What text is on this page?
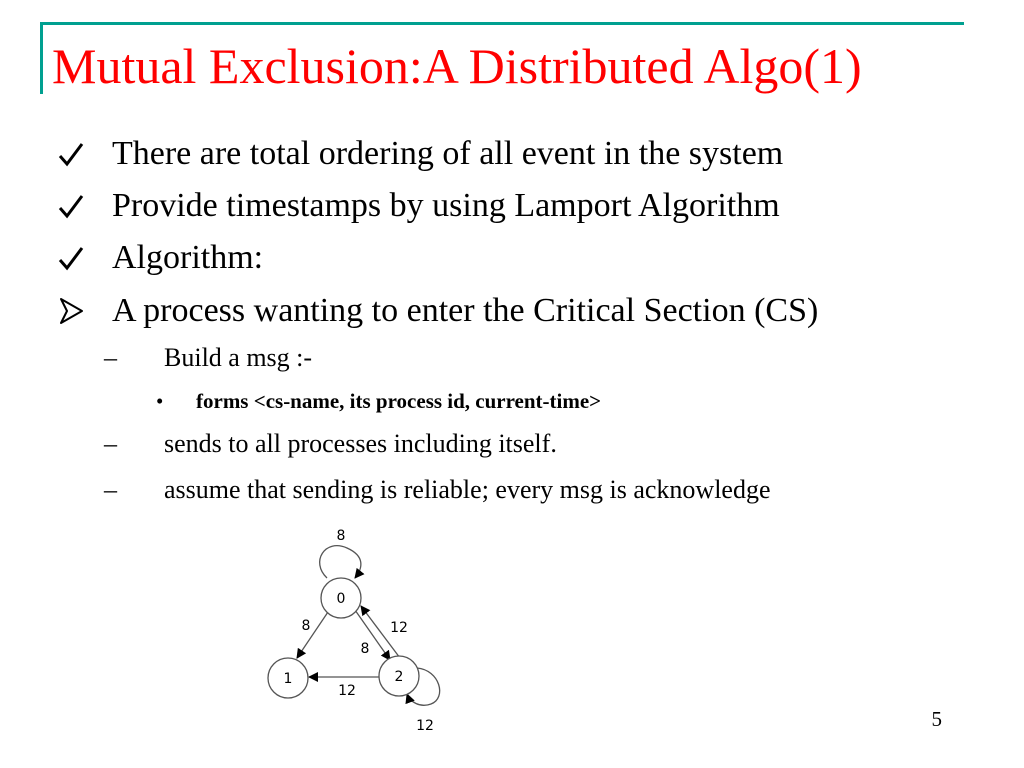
Mutual Exclusion:A Distributed Algo(1)
There are total ordering of all event in the system
Provide timestamps by using Lamport Algorithm
Algorithm:
A process wanting to enter the Critical Section (CS)
– Build a msg :-
• forms <cs-name, its process id, current-time>
– sends to all processes including itself.
– assume that sending is reliable; every msg is acknowledge
0
1	2
8
8
8
12
12
12	5
